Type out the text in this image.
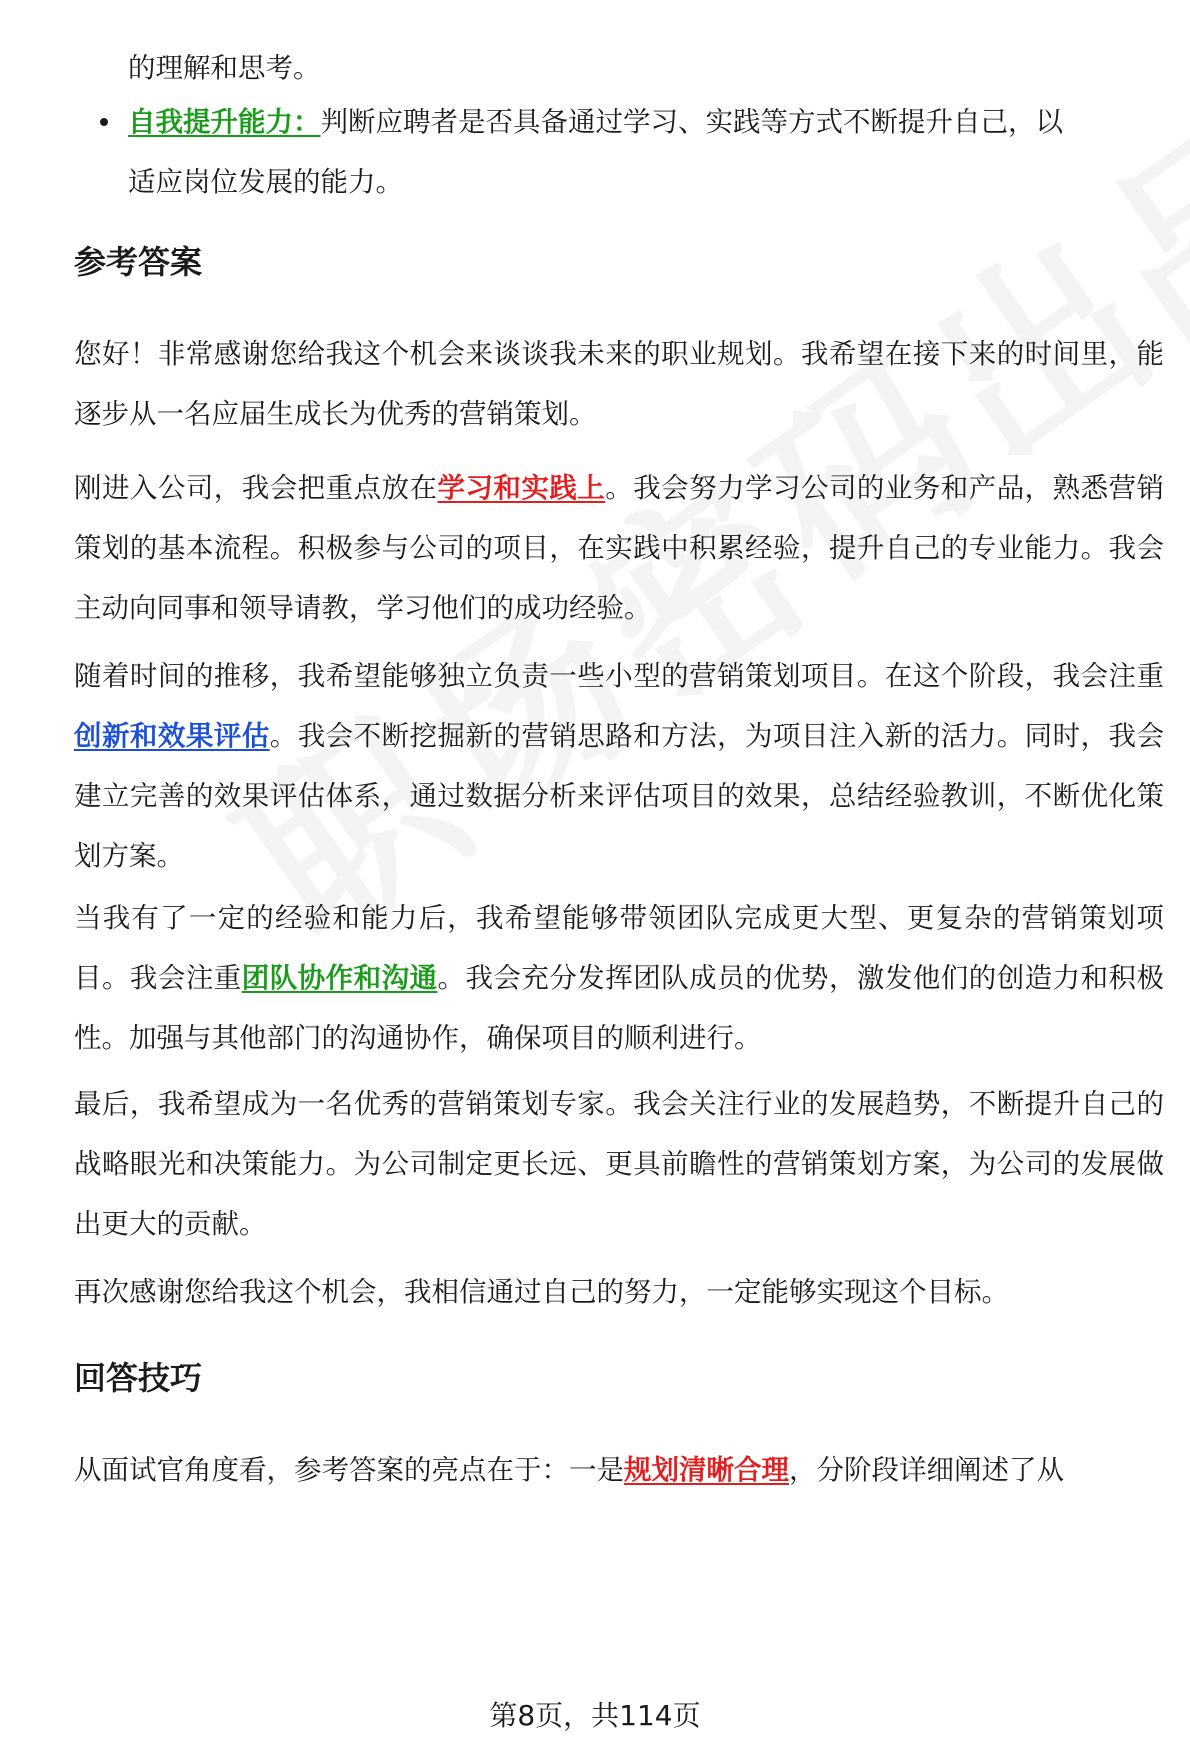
的理解和思考。
自我提升能力：判断应聘者是否具备通过学习、实践等方式不断提升自己，以
适应岗位发展的能力。
参考答案
您好！非常感谢您给我这个机会来谈谈我未来的职业规划。我希望在接下来的时间里，能逐步从一名应届生成长为优秀的营销策划。
刚进入公司，我会把重点放在学习和实践上。我会努力学习公司的业务和产品，熟悉营销策划的基本流程。积极参与公司的项目，在实践中积累经验，提升自己的专业能力。我会主动向同事和领导请教，学习他们的成功经验。
随着时间的推移，我希望能够独立负责一些小型的营销策划项目。在这个阶段，我会注重创新和效果评估。我会不断挖掘新的营销思路和方法，为项目注入新的活力。同时，我会建立完善的效果评估体系，通过数据分析来评估项目的效果，总结经验教训，不断优化策划方案。
当我有了一定的经验和能力后，我希望能够带领团队完成更大型、更复杂的营销策划项目。我会注重团队协作和沟通。我会充分发挥团队成员的优势，激发他们的创造力和积极性。加强与其他部门的沟通协作，确保项目的顺利进行。
最后，我希望成为一名优秀的营销策划专家。我会关注行业的发展趋势，不断提升自己的战略眼光和决策能力。为公司制定更长远、更具前瞻性的营销策划方案，为公司的发展做出更大的贡献。
再次感谢您给我这个机会，我相信通过自己的努力，一定能够实现这个目标。
回答技巧
从面试官角度看，参考答案的亮点在于：一是规划清晰合理，分阶段详细阐述了从
第8页，共114页
